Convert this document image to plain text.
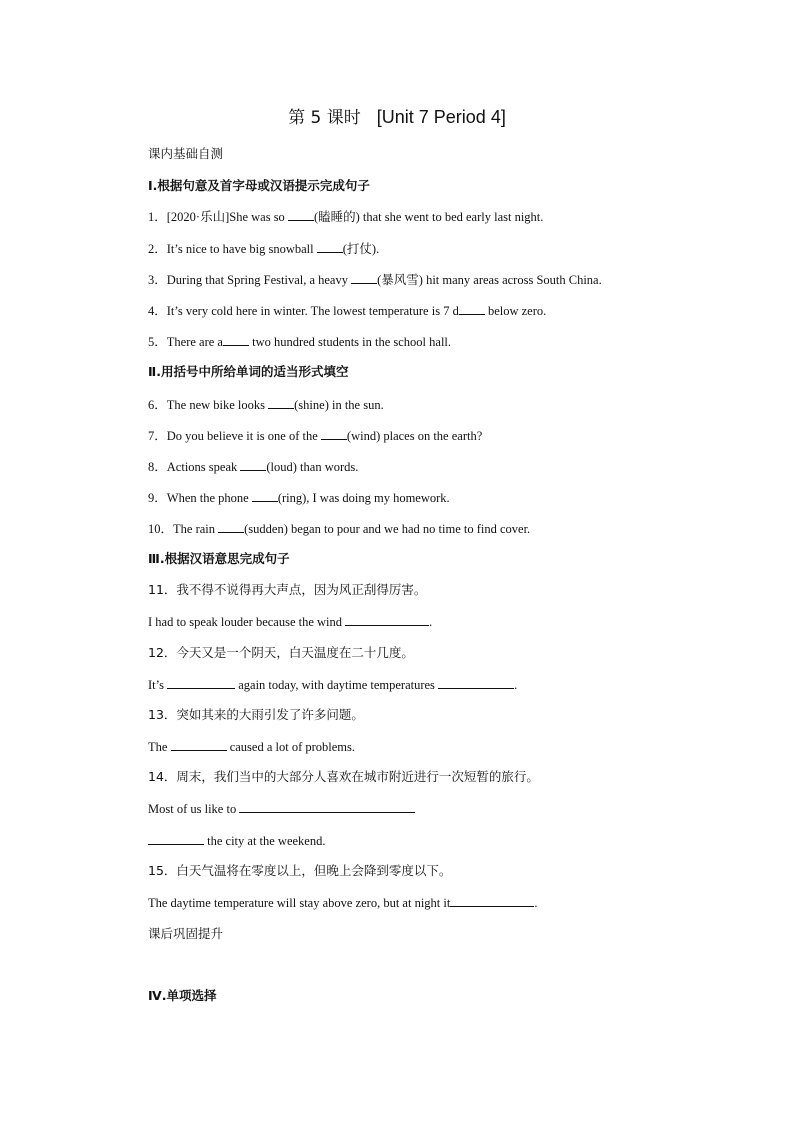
第 5 课时 [Unit 7 Period 4]
课内基础自测
Ⅰ.根据句意及首字母或汉语提示完成句子
1．[2020·乐山]She was so (瞌睡的) that she went to bed early last night.
2．It’s nice to have big snowball (打仗).
3．During that Spring Festival, a heavy (暴风雪) hit many areas across South China.
4．It’s very cold here in winter. The lowest temperature is 7 d below zero.
5．There are a two hundred students in the school hall.
Ⅱ.用括号中所给单词的适当形式填空
6．The new bike looks (shine) in the sun.
7．Do you believe it is one of the (wind) places on the earth?
8．Actions speak (loud) than words.
9．When the phone (ring), I was doing my homework.
10．The rain (sudden) began to pour and we had no time to find cover.
Ⅲ.根据汉语意思完成句子
11．我不得不说得再大声点，因为风正刮得厉害。
I had to speak louder because the wind	.
12．今天又是一个阴天，白天温度在二十几度。
It’s	again today, with daytime temperatures	.
13．突如其来的大雨引发了许多问题。
The	caused a lot of problems.
14．周末，我们当中的大部分人喜欢在城市附近进行一次短暂的旅行。
Most of us like to
the city at the weekend.
15．白天气温将在零度以上，但晚上会降到零度以下。
The daytime temperature will stay above zero, but at night it	.
课后巩固提升
Ⅳ.单项选择
